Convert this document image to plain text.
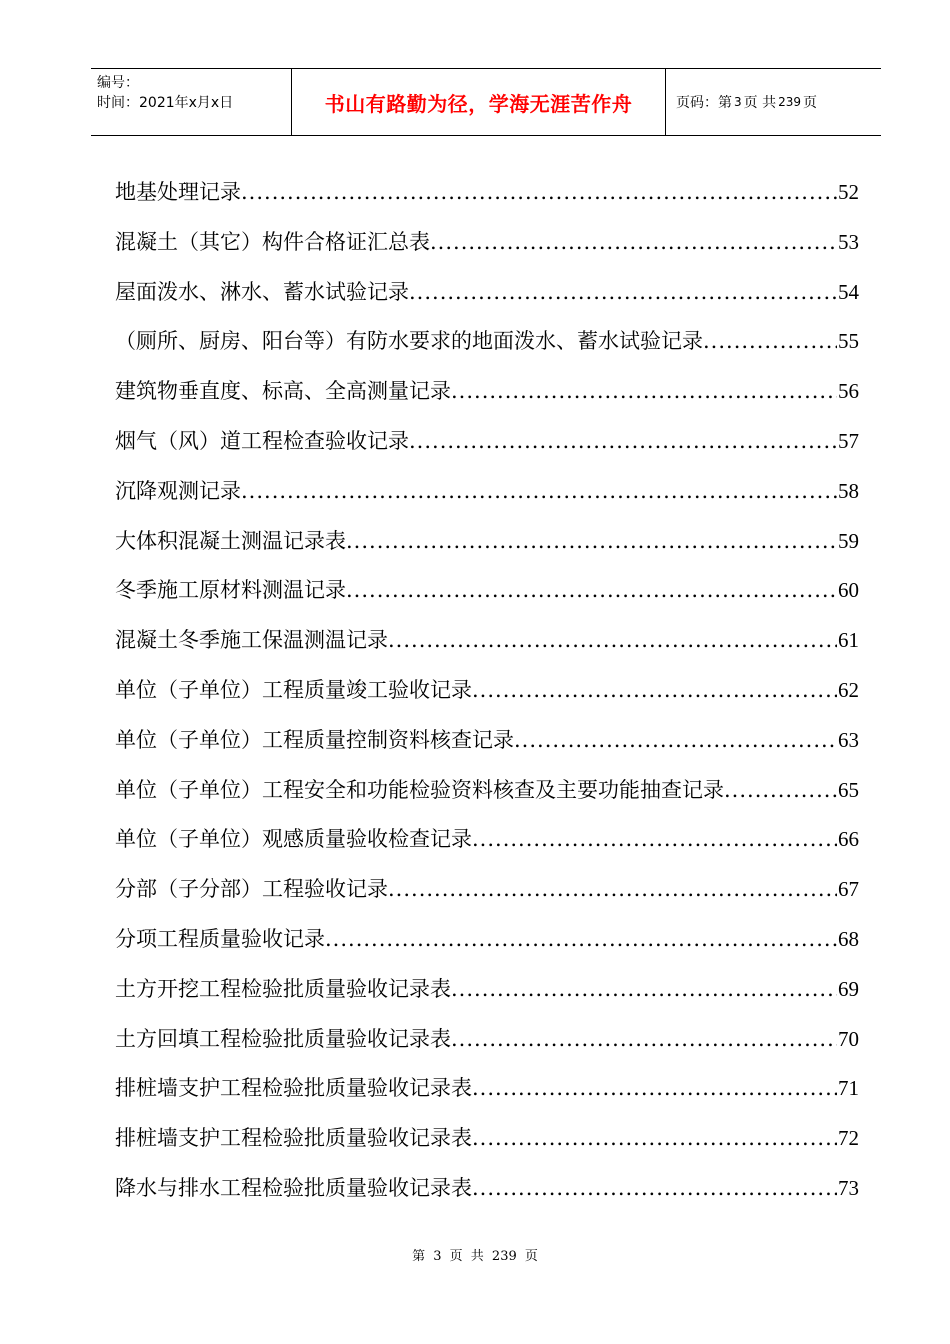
编号：
时间：2021年x月x日	书山有路勤为径，学海无涯苦作舟	页码：第 3 页 共 239 页
地基处理记录 .....	52
混凝土（其它）构件合格证汇总表 .....	53
屋面泼水、淋水、蓄水试验记录 .....	54
（厕所、厨房、阳台等）有防水要求的地面泼水、蓄水试验记录 .....	55
建筑物垂直度、标高、全高测量记录 .....	56
烟气（风）道工程检查验收记录 .....	57
沉降观测记录 .....	58
大体积混凝土测温记录表 .....	59
冬季施工原材料测温记录 .....	60
混凝土冬季施工保温测温记录 .....	61
单位（子单位）工程质量竣工验收记录 .....	62
单位（子单位）工程质量控制资料核查记录 .....	63
单位（子单位）工程安全和功能检验资料核查及主要功能抽查记录 .....	65
单位（子单位）观感质量验收检查记录 .....	66
分部（子分部）工程验收记录 .....	67
分项工程质量验收记录 .....	68
土方开挖工程检验批质量验收记录表 .....	69
土方回填工程检验批质量验收记录表 .....	70
排桩墙支护工程检验批质量验收记录表 .....	71
排桩墙支护工程检验批质量验收记录表 .....	72
降水与排水工程检验批质量验收记录表 .....	73
第 3 页 共 239 页
